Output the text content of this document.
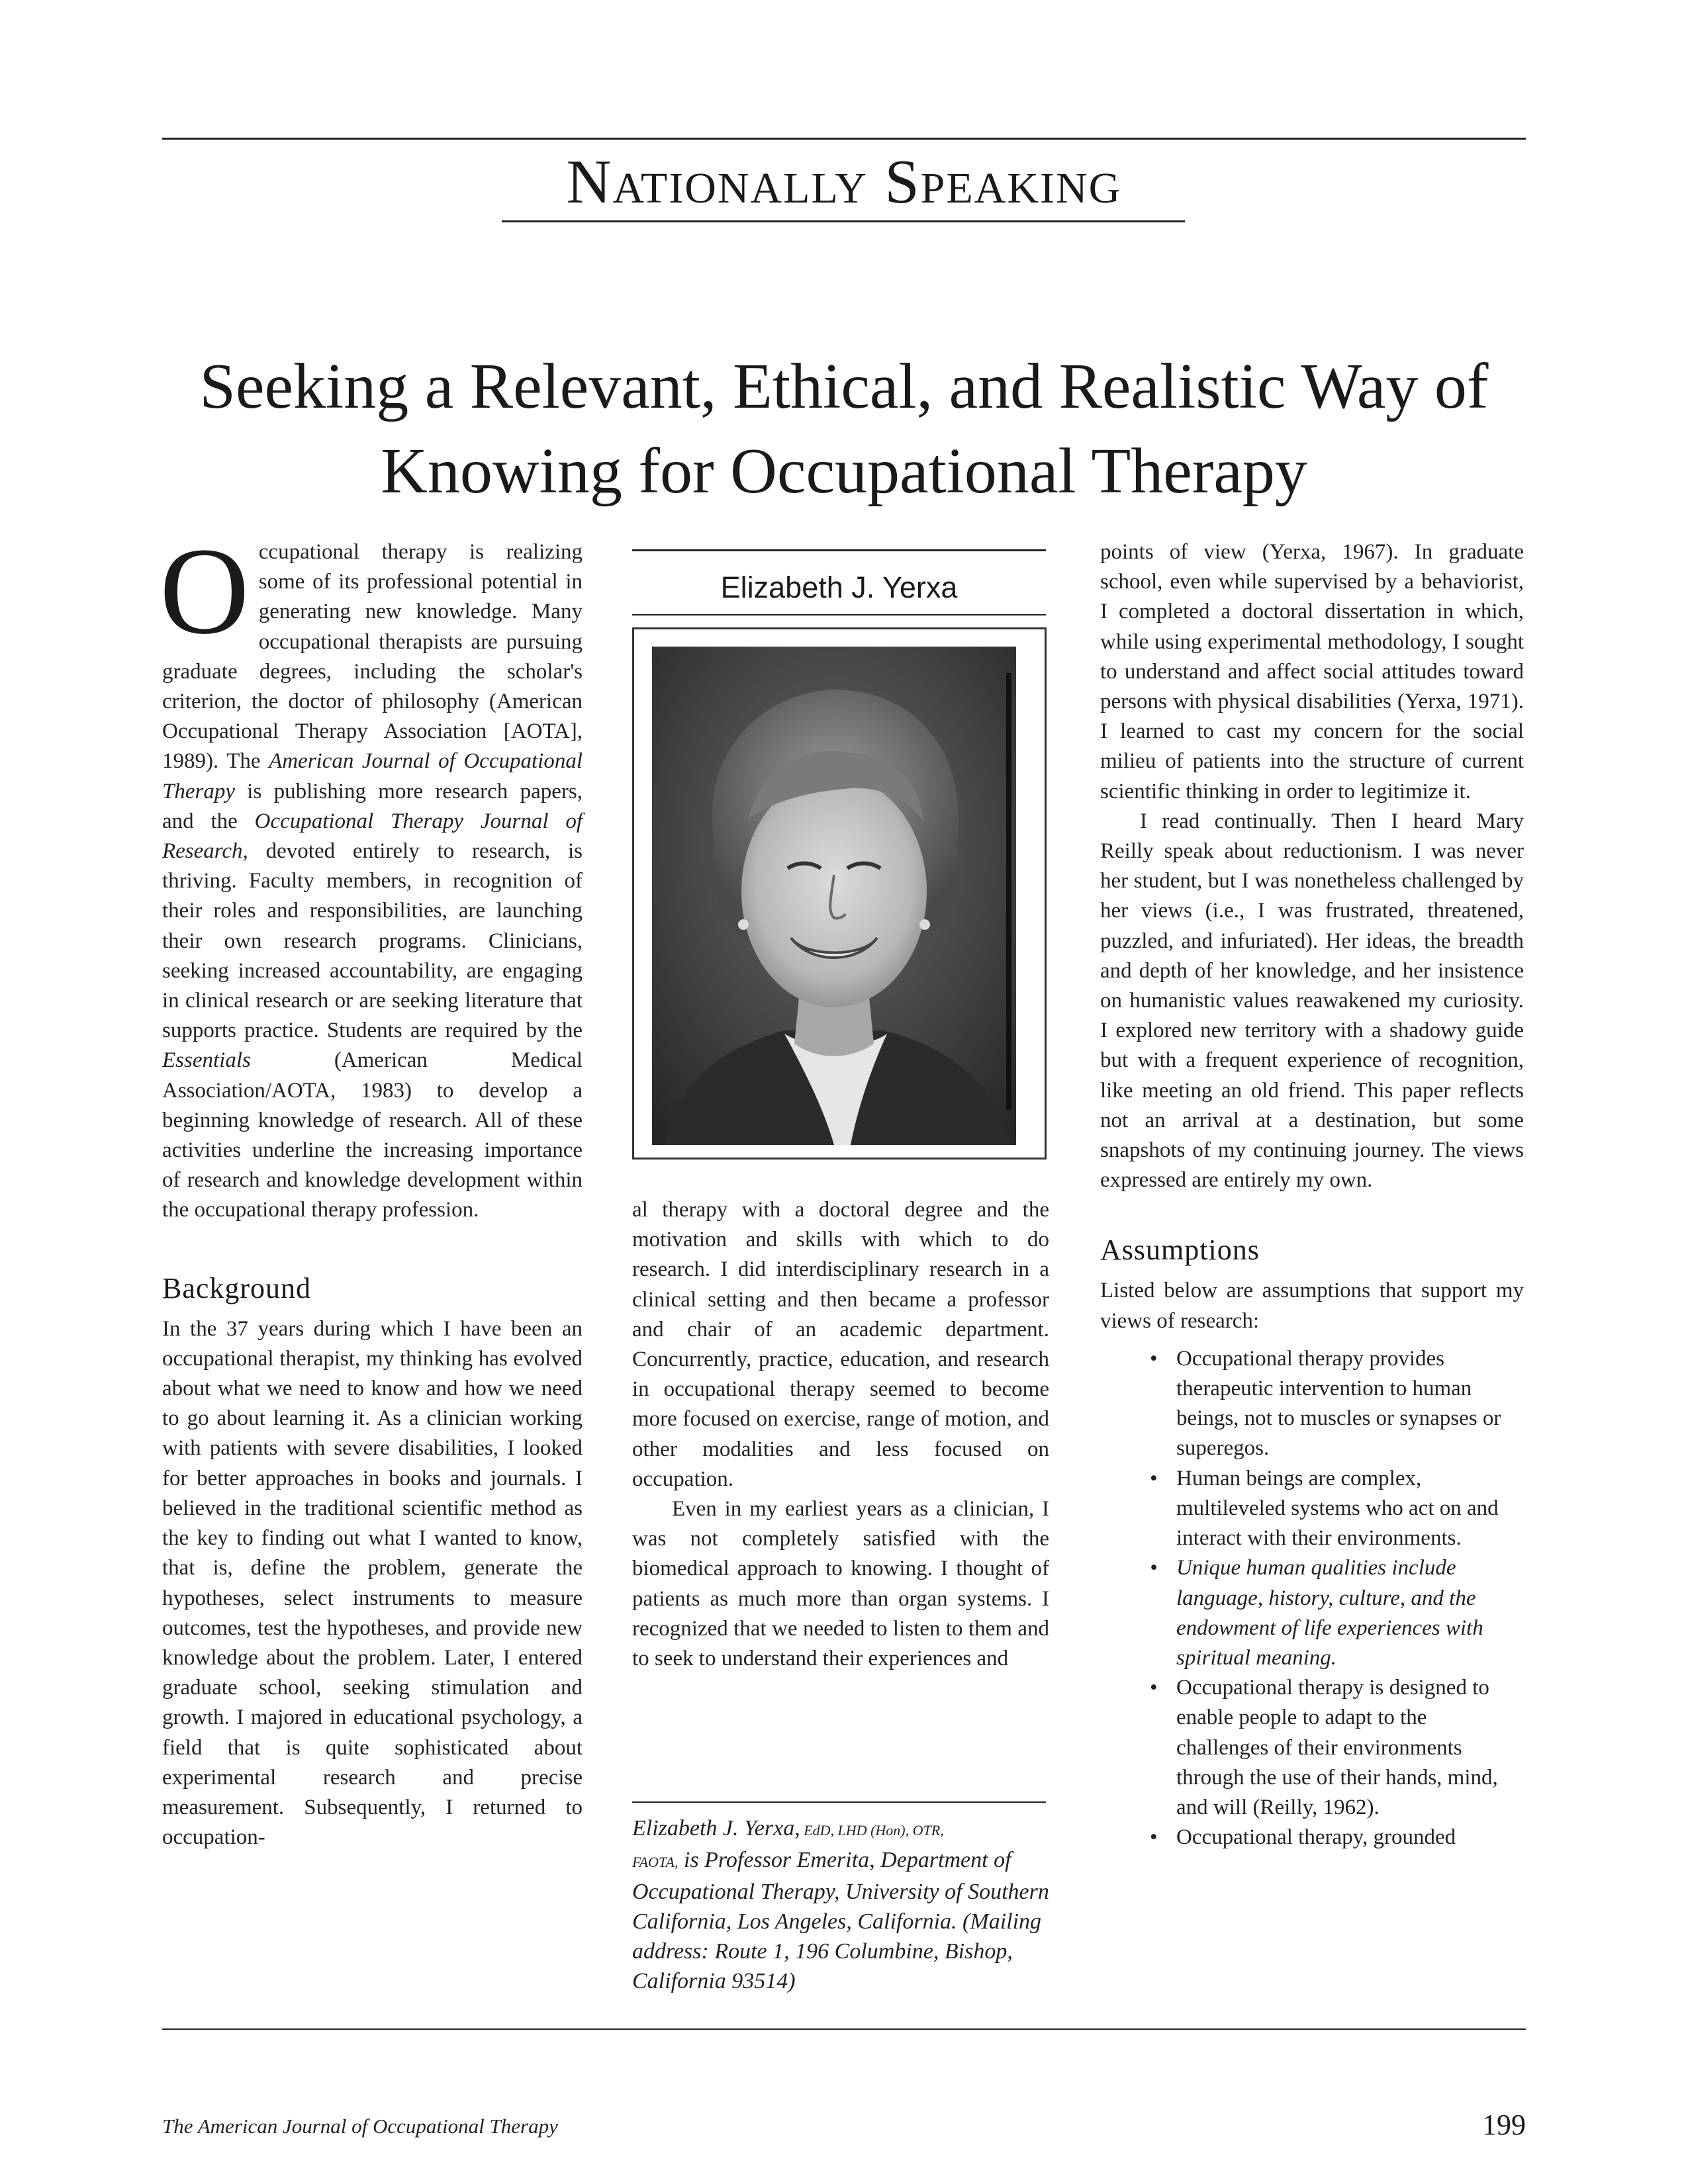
Nationally Speaking
Seeking a Relevant, Ethical, and Realistic Way of
Knowing for Occupational Therapy

Occupational therapy is realizing some of its professional potential in generating new knowledge. Many occupational therapists are pursuing graduate degrees, including the scholar's criterion, the doctor of philosophy (American Occupational Therapy Association [AOTA], 1989). The American Journal of Occupational Therapy is publishing more research papers, and the Occupational Therapy Journal of Research, devoted entirely to research, is thriving. Faculty members, in recognition of their roles and responsibilities, are launching their own research programs. Clinicians, seeking increased accountability, are engaging in clinical research or are seeking literature that supports practice. Students are required by the Essentials (American Medical Association/AOTA, 1983) to develop a beginning knowledge of research. All of these activities underline the increasing importance of research and knowledge development within the occupational therapy profession.

Background

In the 37 years during which I have been an occupational therapist, my thinking has evolved about what we need to know and how we need to go about learning it. As a clinician working with patients with severe disabilities, I looked for better approaches in books and journals. I believed in the traditional scientific method as the key to finding out what I wanted to know, that is, define the problem, generate the hypotheses, select instruments to measure outcomes, test the hypotheses, and provide new knowledge about the problem. Later, I entered graduate school, seeking stimulation and growth. I majored in educational psychology, a field that is quite sophisticated about experimental research and precise measurement. Subsequently, I returned to occupation-

Elizabeth J. Yerxa

al therapy with a doctoral degree and the motivation and skills with which to do research. I did interdisciplinary research in a clinical setting and then became a professor and chair of an academic department. Concurrently, practice, education, and research in occupational therapy seemed to become more focused on exercise, range of motion, and other modalities and less focused on occupation.

Even in my earliest years as a clinician, I was not completely satisfied with the biomedical approach to knowing. I thought of patients as much more than organ systems. I recognized that we needed to listen to them and to seek to understand their experiences and

Elizabeth J. Yerxa, EdD, LHD (Hon), OTR,
FAOTA, is Professor Emerita, Department of Occupational Therapy, University of Southern California, Los Angeles, California. (Mailing address: Route 1, 196 Columbine, Bishop, California 93514)

points of view (Yerxa, 1967). In graduate school, even while supervised by a behaviorist, I completed a doctoral dissertation in which, while using experimental methodology, I sought to understand and affect social attitudes toward persons with physical disabilities (Yerxa, 1971). I learned to cast my concern for the social milieu of patients into the structure of current scientific thinking in order to legitimize it.

I read continually. Then I heard Mary Reilly speak about reductionism. I was never her student, but I was nonetheless challenged by her views (i.e., I was frustrated, threatened, puzzled, and infuriated). Her ideas, the breadth and depth of her knowledge, and her insistence on humanistic values reawakened my curiosity. I explored new territory with a shadowy guide but with a frequent experience of recognition, like meeting an old friend. This paper reflects not an arrival at a destination, but some snapshots of my continuing journey. The views expressed are entirely my own.

Assumptions

Listed below are assumptions that support my views of research:

• Occupational therapy provides therapeutic intervention to human beings, not to muscles or synapses or superegos.
• Human beings are complex, multileveled systems who act on and interact with their environments.
• Unique human qualities include language, history, culture, and the endowment of life experiences with spiritual meaning.
• Occupational therapy is designed to enable people to adapt to the challenges of their environments through the use of their hands, mind, and will (Reilly, 1962).
• Occupational therapy, grounded
The American Journal of Occupational Therapy	199
